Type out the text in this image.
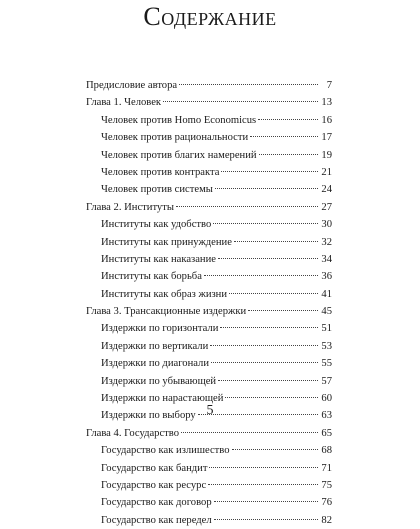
Содержание
Предисловие автора	7
Глава 1. Человек	13
Человек против Homo Economicus	16
Человек против рациональности	17
Человек против благих намерений	19
Человек против контракта	21
Человек против системы	24
Глава 2. Институты	27
Институты как удобство	30
Институты как принуждение	32
Институты как наказание	34
Институты как борьба	36
Институты как образ жизни	41
Глава 3. Трансакционные издержки	45
Издержки по горизонтали	51
Издержки по вертикали	53
Издержки по диагонали	55
Издержки по убывающей	57
Издержки по нарастающей	60
Издержки по выбору	63
Глава 4. Государство	65
Государство как излишество	68
Государство как бандит	71
Государство как ресурс	75
Государство как договор	76
Государство как передел	82
5
